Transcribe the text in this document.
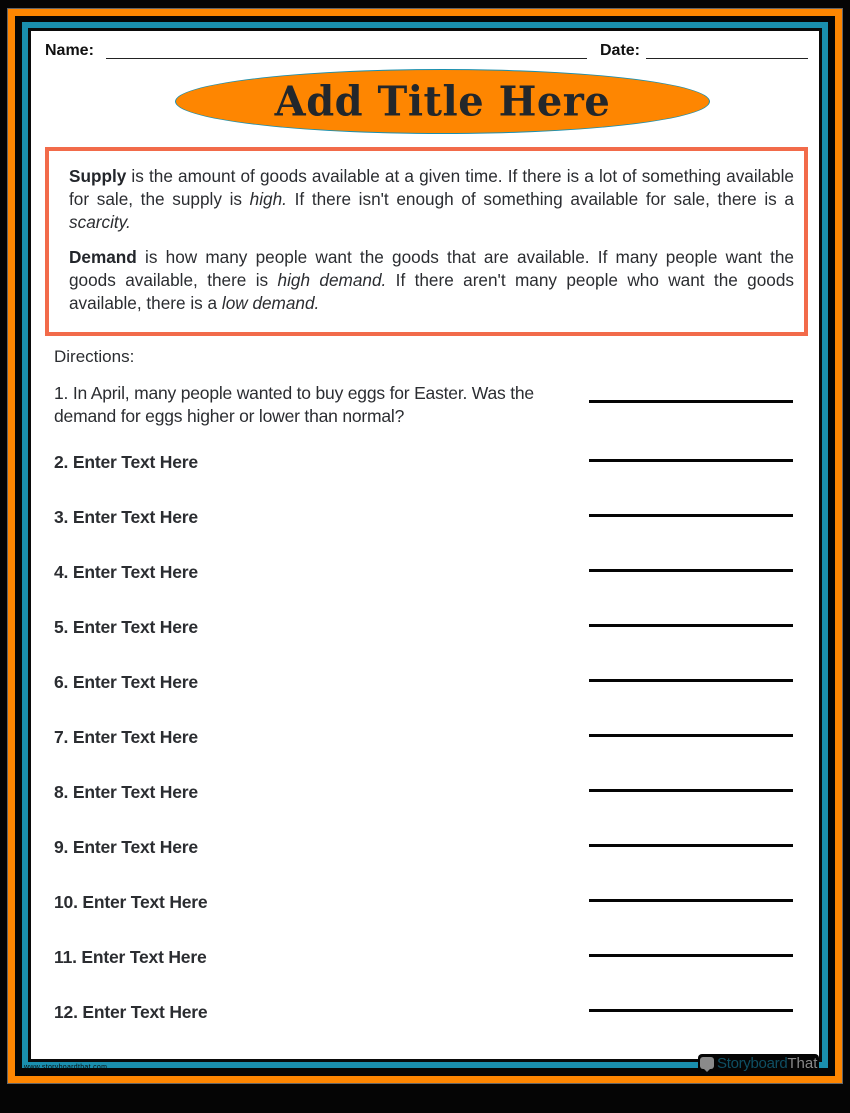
Name:	Date:
Add Title Here
Supply is the amount of goods available at a given time. If there is a lot of something available for sale, the supply is high. If there isn't enough of something available for sale, there is a scarcity.
Demand is how many people want the goods that are available. If many people want the goods available, there is high demand. If there aren't many people who want the goods available, there is a low demand.
Directions:
1. In April, many people wanted to buy eggs for Easter. Was the demand for eggs higher or lower than normal?
2. Enter Text Here
3. Enter Text Here
4. Enter Text Here
5. Enter Text Here
6. Enter Text Here
7. Enter Text Here
8. Enter Text Here
9. Enter Text Here
10. Enter Text Here
11. Enter Text Here
12. Enter Text Here
www.storyboardthat.com	Storyboard That
